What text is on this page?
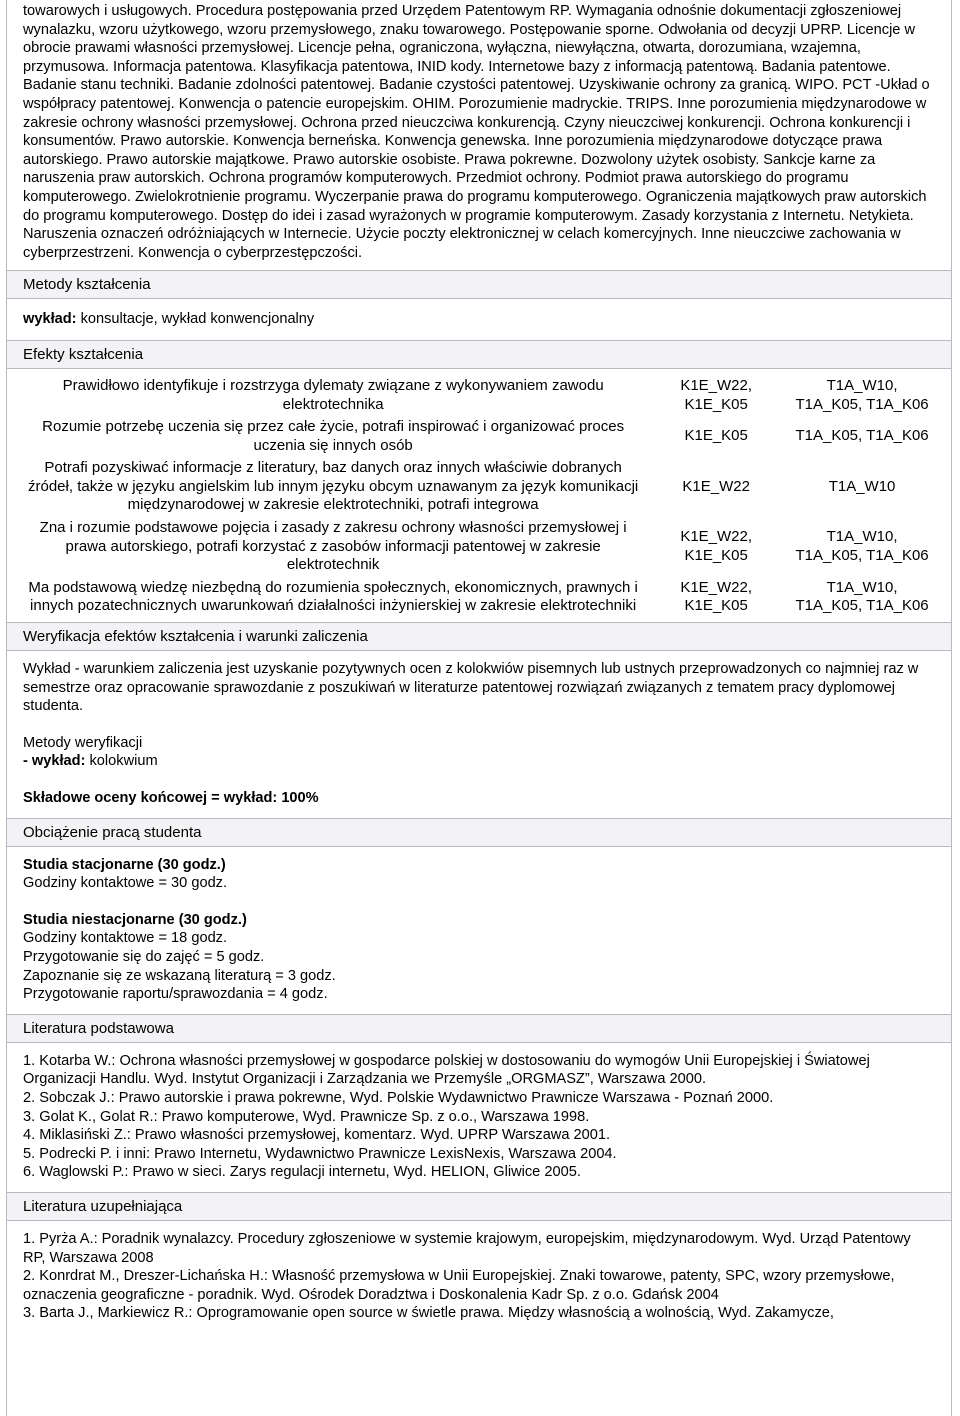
towarowych i usługowych. Procedura postępowania przed Urzędem Patentowym RP. Wymagania odnośnie dokumentacji zgłoszeniowej wynalazku, wzoru użytkowego, wzoru przemysłowego, znaku towarowego. Postępowanie sporne. Odwołania od decyzji UPRP. Licencje w obrocie prawami własności przemysłowej. Licencje pełna, ograniczona, wyłączna, niewyłączna, otwarta, dorozumiana, wzajemna, przymusowa. Informacja patentowa. Klasyfikacja patentowa, INID kody. Internetowe bazy z informacją patentową. Badania patentowe. Badanie stanu techniki. Badanie zdolności patentowej. Badanie czystości patentowej. Uzyskiwanie ochrony za granicą. WIPO. PCT -Układ o współpracy patentowej. Konwencja o patencie europejskim. OHIM. Porozumienie madryckie. TRIPS. Inne porozumienia międzynarodowe w zakresie ochrony własności przemysłowej. Ochrona przed nieuczciwa konkurencją. Czyny nieuczciwej konkurencji. Ochrona konkurencji i konsumentów. Prawo autorskie. Konwencja berneńska. Konwencja genewska. Inne porozumienia międzynarodowe dotyczące prawa autorskiego. Prawo autorskie majątkowe. Prawo autorskie osobiste. Prawa pokrewne. Dozwolony użytek osobisty. Sankcje karne za naruszenia praw autorskich. Ochrona programów komputerowych. Przedmiot ochrony. Podmiot prawa autorskiego do programu komputerowego. Zwielokrotnienie programu. Wyczerpanie prawa do programu komputerowego. Ograniczenia majątkowych praw autorskich do programu komputerowego. Dostęp do idei i zasad wyrażonych w programie komputerowym. Zasady korzystania z Internetu. Netykieta. Naruszenia oznaczeń odróżniających w Internecie. Użycie poczty elektronicznej w celach komercyjnych. Inne nieuczciwe zachowania w cyberprzestrzeni. Konwencja o cyberprzestępczości.

Metody kształcenia

wykład: konsultacje, wykład konwencjonalny

Efekty kształcenia
Prawidłowo identyfikuje i rozstrzyga dylematy związane z wykonywaniem zawodu elektrotechnika	K1E_W22, K1E_K05	T1A_W10, T1A_K05, T1A_K06
Rozumie potrzebę uczenia się przez całe życie, potrafi inspirować i organizować proces uczenia się innych osób	K1E_K05	T1A_K05, T1A_K06
Potrafi pozyskiwać informacje z literatury, baz danych oraz innych właściwie dobranych źródeł, także w języku angielskim lub innym języku obcym uznawanym za język komunikacji międzynarodowej w zakresie elektrotechniki, potrafi integrowa	K1E_W22	T1A_W10
Zna i rozumie podstawowe pojęcia i zasady z zakresu ochrony własności przemysłowej i prawa autorskiego, potrafi korzystać z zasobów informacji patentowej w zakresie elektrotechnik	K1E_W22, K1E_K05	T1A_W10, T1A_K05, T1A_K06
Ma podstawową wiedzę niezbędną do rozumienia społecznych, ekonomicznych, prawnych i innych pozatechnicznych uwarunkowań działalności inżynierskiej w zakresie elektrotechniki	K1E_W22, K1E_K05	T1A_W10, T1A_K05, T1A_K06
Weryfikacja efektów kształcenia i warunki zaliczenia

Wykład - warunkiem zaliczenia jest uzyskanie pozytywnych ocen z kolokwiów pisemnych lub ustnych przeprowadzonych co najmniej raz w semestrze oraz opracowanie sprawozdanie z poszukiwań w literaturze patentowej rozwiązań związanych z tematem pracy dyplomowej studenta.

Metody weryfikacji

- wykład: kolokwium

Składowe oceny końcowej = wykład: 100%

Obciążenie pracą studenta

Studia stacjonarne (30 godz.)

Godziny kontaktowe = 30 godz.

Studia niestacjonarne (30 godz.)

Godziny kontaktowe = 18 godz.

Przygotowanie się do zajęć = 5 godz.

Zapoznanie się ze wskazaną literaturą = 3 godz.

Przygotowanie raportu/sprawozdania = 4 godz.

Literatura podstawowa

1. Kotarba W.: Ochrona własności przemysłowej w gospodarce polskiej w dostosowaniu do wymogów Unii Europejskiej i Światowej Organizacji Handlu. Wyd. Instytut Organizacji i Zarządzania we Przemyśle „ORGMASZ”, Warszawa 2000.

2. Sobczak J.: Prawo autorskie i prawa pokrewne, Wyd. Polskie Wydawnictwo Prawnicze Warszawa - Poznań 2000.

3. Golat K., Golat R.: Prawo komputerowe, Wyd. Prawnicze Sp. z o.o., Warszawa 1998.

4. Miklasiński Z.: Prawo własności przemysłowej, komentarz. Wyd. UPRP Warszawa 2001.

5. Podrecki P. i inni: Prawo Internetu, Wydawnictwo Prawnicze LexisNexis, Warszawa 2004.

6. Waglowski P.: Prawo w sieci. Zarys regulacji internetu, Wyd. HELION, Gliwice 2005.

Literatura uzupełniająca

1. Pyrża A.: Poradnik wynalazcy. Procedury zgłoszeniowe w systemie krajowym, europejskim, międzynarodowym. Wyd. Urząd Patentowy RP, Warszawa 2008

2. Konrdrat M., Dreszer-Lichańska H.: Własność przemysłowa w Unii Europejskiej. Znaki towarowe, patenty, SPC, wzory przemysłowe, oznaczenia geograficzne - poradnik. Wyd. Ośrodek Doradztwa i Doskonalenia Kadr Sp. z o.o. Gdańsk 2004

3. Barta J., Markiewicz R.: Oprogramowanie open source w świetle prawa. Między własnością a wolnością, Wyd. Zakamycze,
